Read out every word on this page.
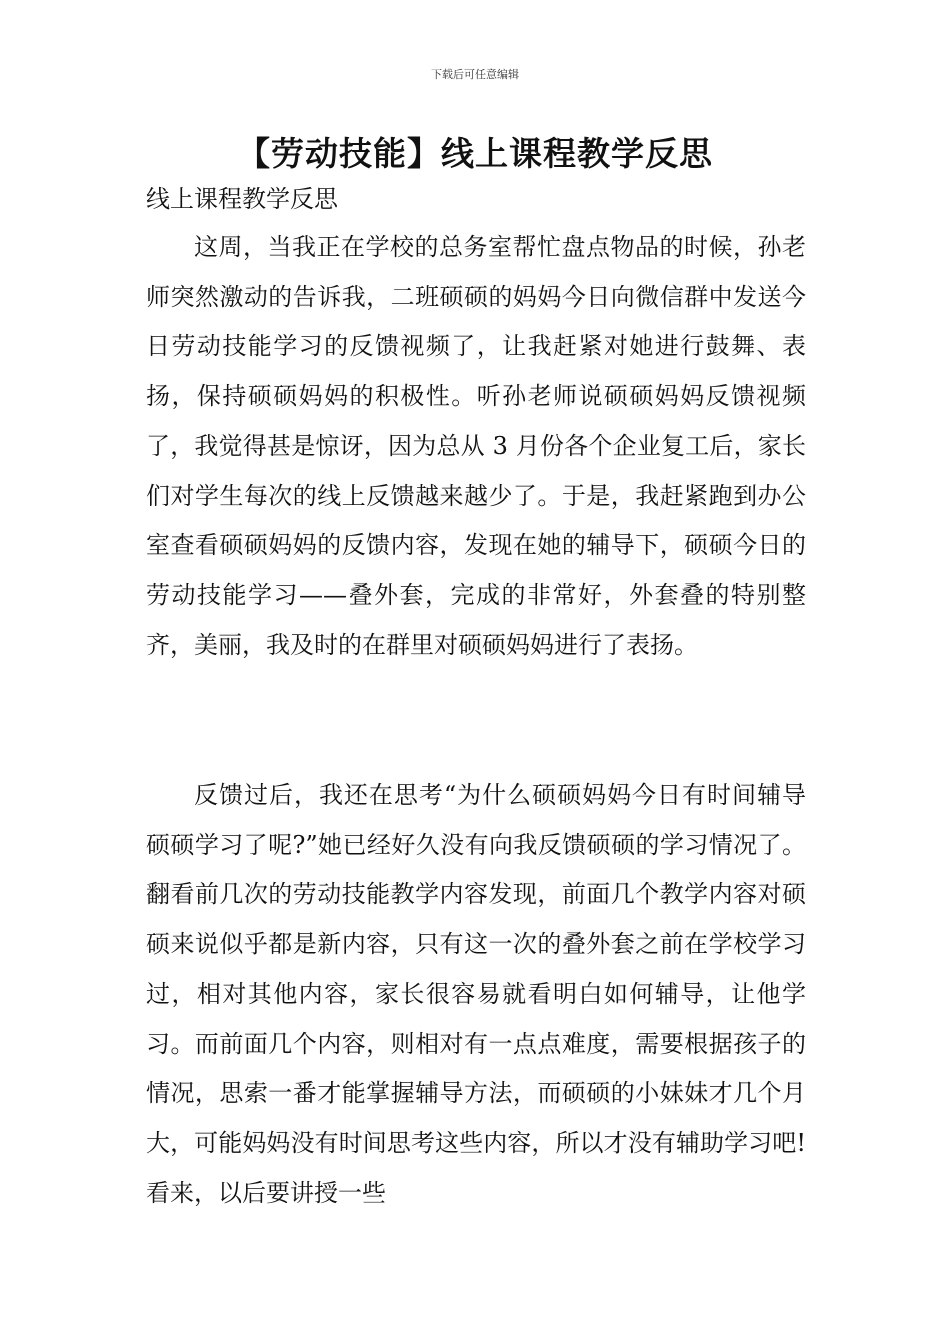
下载后可任意编辑
【劳动技能】线上课程教学反思
线上课程教学反思

这周，当我正在学校的总务室帮忙盘点物品的时候，孙老师突然激动的告诉我，二班硕硕的妈妈今日向微信群中发送今日劳动技能学习的反馈视频了，让我赶紧对她进行鼓舞、表扬，保持硕硕妈妈的积极性。听孙老师说硕硕妈妈反馈视频了，我觉得甚是惊讶，因为总从 3 月份各个企业复工后，家长们对学生每次的线上反馈越来越少了。于是，我赶紧跑到办公室查看硕硕妈妈的反馈内容，发现在她的辅导下，硕硕今日的劳动技能学习——叠外套，完成的非常好，外套叠的特别整齐，美丽，我及时的在群里对硕硕妈妈进行了表扬。

反馈过后，我还在思考“为什么硕硕妈妈今日有时间辅导硕硕学习了呢?”她已经好久没有向我反馈硕硕的学习情况了。翻看前几次的劳动技能教学内容发现，前面几个教学内容对硕硕来说似乎都是新内容，只有这一次的叠外套之前在学校学习过，相对其他内容，家长很容易就看明白如何辅导，让他学习。而前面几个内容，则相对有一点点难度，需要根据孩子的情况，思索一番才能掌握辅导方法，而硕硕的小妹妹才几个月大，可能妈妈没有时间思考这些内容，所以才没有辅助学习吧!看来，以后要讲授一些
